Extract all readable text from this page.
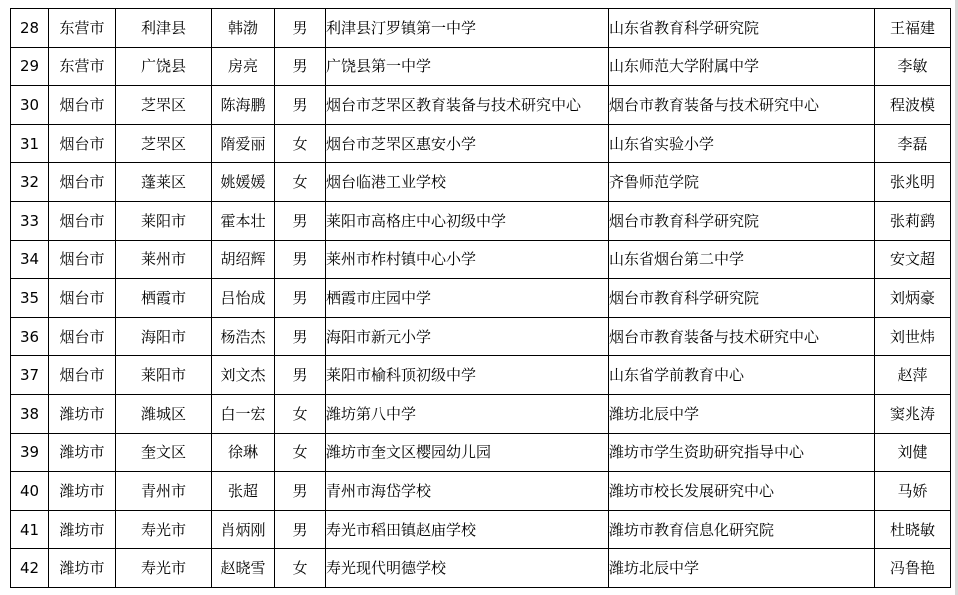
28	东营市	利津县	韩渤	男	利津县汀罗镇第一中学	山东省教育科学研究院	王福建
29	东营市	广饶县	房亮	男	广饶县第一中学	山东师范大学附属中学	李敏
30	烟台市	芝罘区	陈海鹏	男	烟台市芝罘区教育装备与技术研究中心	烟台市教育装备与技术研究中心	程波模
31	烟台市	芝罘区	隋爱丽	女	烟台市芝罘区惠安小学	山东省实验小学	李磊
32	烟台市	蓬莱区	姚媛媛	女	烟台临港工业学校	齐鲁师范学院	张兆明
33	烟台市	莱阳市	霍本壮	男	莱阳市高格庄中心初级中学	烟台市教育科学研究院	张莉鹞
34	烟台市	莱州市	胡绍辉	男	莱州市柞村镇中心小学	山东省烟台第二中学	安文超
35	烟台市	栖霞市	吕怡成	男	栖霞市庄园中学	烟台市教育科学研究院	刘炳豪
36	烟台市	海阳市	杨浩杰	男	海阳市新元小学	烟台市教育装备与技术研究中心	刘世炜
37	烟台市	莱阳市	刘文杰	男	莱阳市榆科顶初级中学	山东省学前教育中心	赵萍
38	潍坊市	潍城区	白一宏	女	潍坊第八中学	潍坊北辰中学	窦兆涛
39	潍坊市	奎文区	徐琳	女	潍坊市奎文区樱园幼儿园	潍坊市学生资助研究指导中心	刘健
40	潍坊市	青州市	张超	男	青州市海岱学校	潍坊市校长发展研究中心	马娇
41	潍坊市	寿光市	肖炳刚	男	寿光市稻田镇赵庙学校	潍坊市教育信息化研究院	杜晓敏
42	潍坊市	寿光市	赵晓雪	女	寿光现代明德学校	潍坊北辰中学	冯鲁艳
